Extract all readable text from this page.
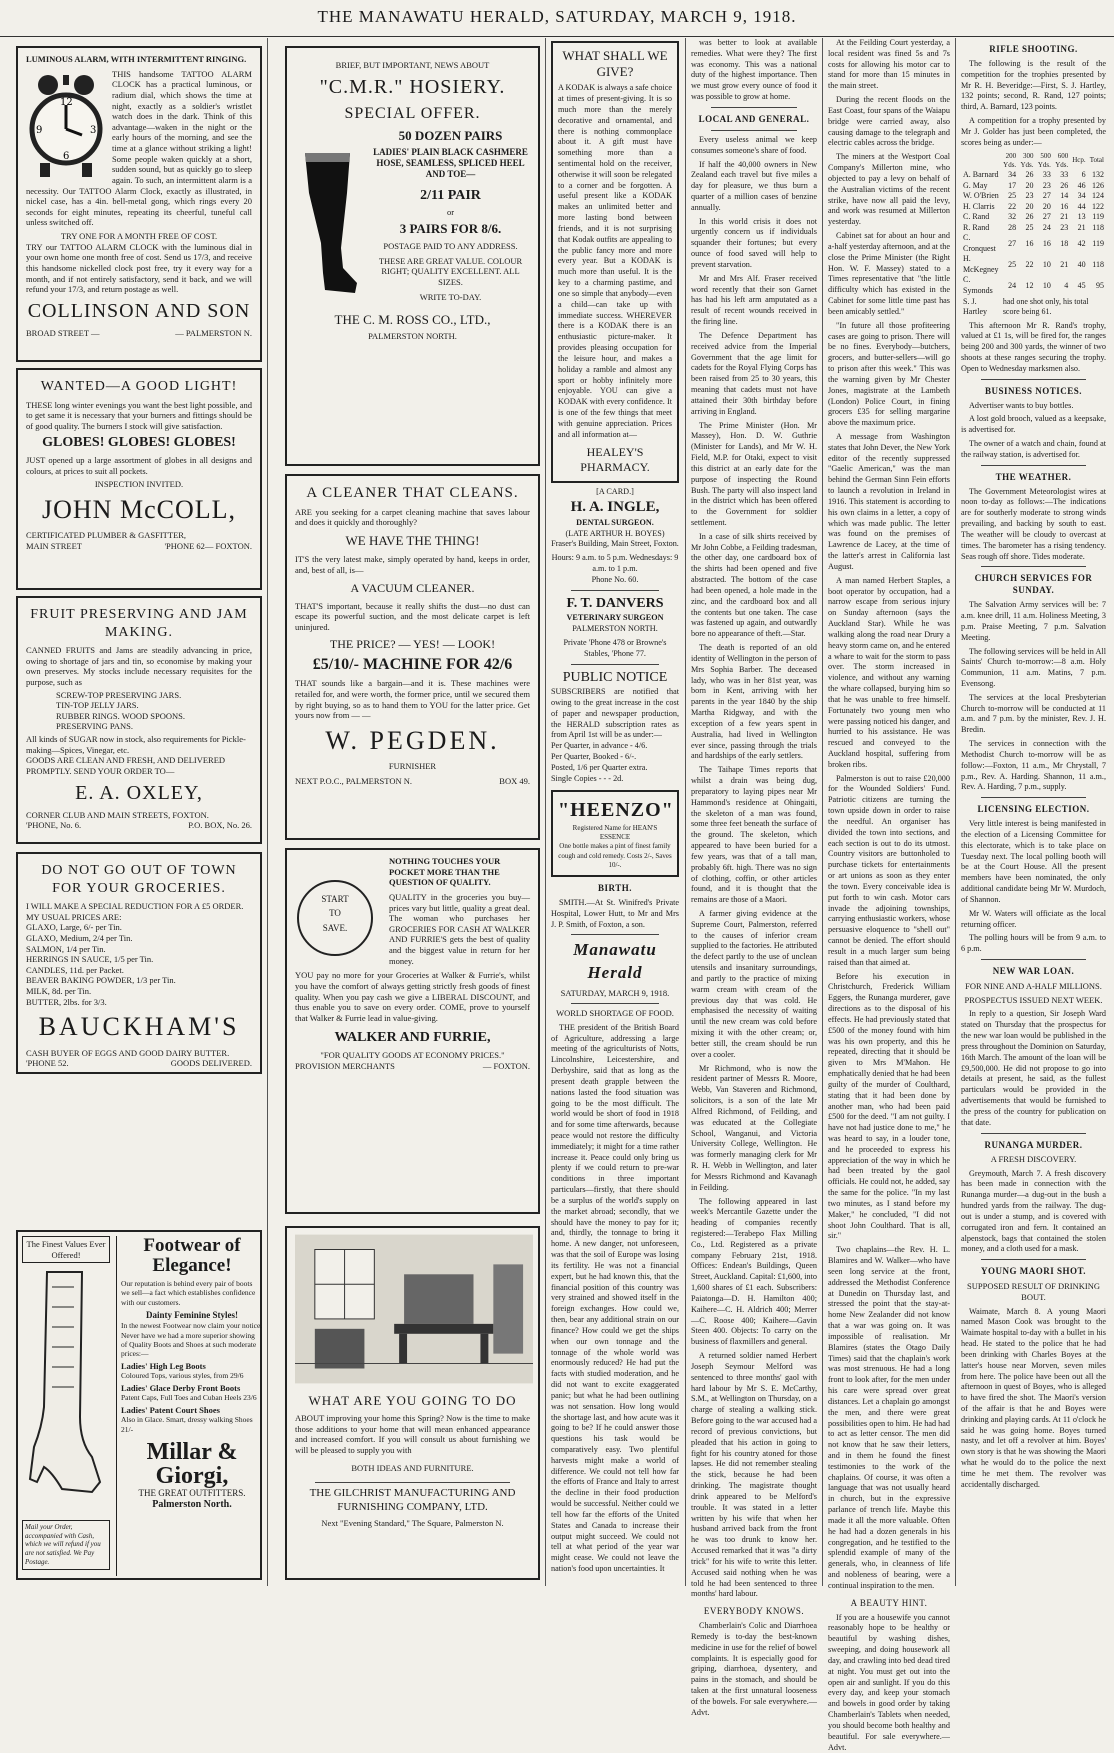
THE MANAWATU HERALD, SATURDAY, MARCH 9, 1918.
LUMINOUS ALARM, WITH INTERMITTENT RINGING.
12
3
6
9
THIS handsome TATTOO ALARM CLOCK has a practical luminous, or radium dial, which shows the time at night, exactly as a soldier's wristlet watch does in the dark. Think of this advantage—waken in the night or the early hours of the morning, and see the time at a glance without striking a light! Some people waken quickly at a short, sudden sound, but as quickly go to sleep again. To such, an intermittent alarm is a necessity. Our TATTOO Alarm Clock, exactly as illustrated, in nickel case, has a 4in. bell-metal gong, which rings every 20 seconds for eight minutes, repeating its cheerful, tuneful call unless switched off.
TRY ONE FOR A MONTH FREE OF COST.
TRY our TATTOO ALARM CLOCK with the luminous dial in your own home one month free of cost. Send us 17/3, and receive this handsome nickelled clock post free, try it every way for a month, and if not entirely satisfactory, send it back, and we will refund your 17/3, and return postage as well.
COLLINSON AND SON
BROAD STREET —	— PALMERSTON N.
WANTED—A GOOD LIGHT!
THESE long winter evenings you want the best light possible, and to get same it is necessary that your burners and fittings should be of good quality. The burners I stock will give satisfaction.
GLOBES! GLOBES! GLOBES!
JUST opened up a large assortment of globes in all designs and colours, at prices to suit all pockets.
INSPECTION INVITED.
JOHN McCOLL,
CERTIFICATED PLUMBER & GASFITTER,
MAIN STREET	'PHONE 62— FOXTON.
FRUIT PRESERVING AND JAM MAKING.
CANNED FRUITS and Jams are steadily advancing in price, owing to shortage of jars and tin, so economise by making your own preserves. My stocks include necessary requisites for the purpose, such as
SCREW-TOP PRESERVING JARS.
TIN-TOP JELLY JARS.
RUBBER RINGS. WOOD SPOONS.
PRESERVING PANS.
All kinds of SUGAR now in stock, also requirements for Pickle-making—Spices, Vinegar, etc.
GOODS ARE CLEAN AND FRESH, AND DELIVERED PROMPTLY. SEND YOUR ORDER TO—
E. A. OXLEY,
CORNER CLUB AND MAIN STREETS, FOXTON.
'PHONE, No. 6.	P.O. BOX, No. 26.
DO NOT GO OUT OF TOWN FOR YOUR GROCERIES.
I WILL MAKE A SPECIAL REDUCTION FOR A £5 ORDER. MY USUAL PRICES ARE:
GLAXO, Large, 6/- per Tin.
GLAXO, Medium, 2/4 per Tin.
SALMON, 1/4 per Tin.
HERRINGS IN SAUCE, 1/5 per Tin.
CANDLES, 11d. per Packet.
BEAVER BAKING POWDER, 1/3 per Tin.
MILK, 8d. per Tin.
BUTTER, 2lbs. for 3/3.
BAUCKHAM'S
CASH BUYER OF EGGS AND GOOD DAIRY BUTTER.
'PHONE 52.	GOODS DELIVERED.
The Finest Values Ever Offered!
Mail your Order, accompanied with Cash, which we will refund if you are not satisfied. We Pay Postage.
Footwear of
Elegance!
Our reputation is behind every pair of boots we sell—a fact which establishes confidence with our customers.
Dainty Feminine Styles!
In the newest Footwear now claim your notice. Never have we had a more superior showing of Quality Boots and Shoes at such moderate prices:—
Ladies' High Leg Boots
Coloured Tops, various styles, from 29/6
Ladies' Glace Derby Front Boots
Patent Caps, Full Toes and Cuban Heels 23/6
Ladies' Patent Court Shoes
Also in Glace. Smart, dressy walking Shoes 21/-
Millar &
Giorgi,
THE GREAT OUTFITTERS.
Palmerston North.
BRIEF, BUT IMPORTANT, NEWS ABOUT
"C.M.R." HOSIERY.
SPECIAL OFFER.
50 DOZEN PAIRS
LADIES' PLAIN BLACK CASHMERE HOSE, SEAMLESS, SPLICED HEEL AND TOE—
2/11 PAIR
or
3 PAIRS FOR 8/6.
POSTAGE PAID TO ANY ADDRESS.
THESE ARE GREAT VALUE. COLOUR RIGHT; QUALITY EXCELLENT. ALL SIZES.
WRITE TO-DAY.
THE C. M. ROSS CO., LTD.,
PALMERSTON NORTH.
A CLEANER THAT CLEANS.
ARE you seeking for a carpet cleaning machine that saves labour and does it quickly and thoroughly?
WE HAVE THE THING!
IT'S the very latest make, simply operated by hand, keeps in order, and, best of all, is—
A VACUUM CLEANER.
THAT'S important, because it really shifts the dust—no dust can escape its powerful suction, and the most delicate carpet is left uninjured.
THE PRICE? — YES! — LOOK!
£5/10/- MACHINE FOR 42/6
THAT sounds like a bargain—and it is. These machines were retailed for, and were worth, the former price, until we secured them by right buying, so as to hand them to YOU for the latter price. Get yours now from — —
W. PEGDEN.
FURNISHER
NEXT P.O.C., PALMERSTON N.	BOX 49.
START
TO
SAVE.
NOTHING TOUCHES YOUR POCKET MORE THAN THE QUESTION OF QUALITY.
QUALITY in the groceries you buy—prices vary but little, quality a great deal. The woman who purchases her GROCERIES FOR CASH AT WALKER AND FURRIE'S gets the best of quality and the biggest value in return for her money.
YOU pay no more for your Groceries at Walker & Furrie's, whilst you have the comfort of always getting strictly fresh goods of finest quality. When you pay cash we give a LIBERAL DISCOUNT, and thus enable you to save on every order. COME, prove to yourself that Walker & Furrie lead in value-giving.
WALKER AND FURRIE,
"FOR QUALITY GOODS AT ECONOMY PRICES."
PROVISION MERCHANTS	— FOXTON.
WHAT ARE YOU GOING TO DO
ABOUT improving your home this Spring? Now is the time to make those additions to your home that will mean enhanced appearance and increased comfort. If you will consult us about furnishing we will be pleased to supply you with
BOTH IDEAS AND FURNITURE.
THE GILCHRIST MANUFACTURING AND FURNISHING COMPANY, LTD.
Next "Evening Standard," The Square, Palmerston N.
WHAT SHALL WE GIVE?
A KODAK is always a safe choice at times of present-giving. It is so much more than the merely decorative and ornamental, and there is nothing commonplace about it. A gift must have something more than a sentimental hold on the receiver, otherwise it will soon be relegated to a corner and be forgotten. A useful present like a KODAK makes an unlimited better and more lasting bond between friends, and it is not surprising that Kodak outfits are appealing to the public fancy more and more every year. But a KODAK is much more than useful. It is the key to a charming pastime, and one so simple that anybody—even a child—can take up with immediate success. WHEREVER there is a KODAK there is an enthusiastic picture-maker. It provides pleasing occupation for the leisure hour, and makes a holiday a ramble and almost any sport or hobby infinitely more enjoyable. YOU can give a KODAK with every confidence. It is one of the few things that meet with genuine appreciation. Prices and all information at—
HEALEY'S PHARMACY.
[A CARD.]
H. A. INGLE,
DENTAL SURGEON.
(LATE ARTHUR H. BOYES)
Fraser's Building, Main Street, Foxton.
Hours: 9 a.m. to 5 p.m. Wednesdays: 9 a.m. to 1 p.m.
Phone No. 60.
F. T. DANVERS
VETERINARY SURGEON
PALMERSTON NORTH.
Private 'Phone 478 or Browne's Stables, 'Phone 77.
PUBLIC NOTICE
SUBSCRIBERS are notified that owing to the great increase in the cost of paper and newspaper production, the HERALD subscription rates as from April 1st will be as under:—
Per Quarter, in advance - 4/6.
Per Quarter, Booked - 6/-.
Posted, 1/6 per Quarter extra.
Single Copies - - - 2d.
"HEENZO"
Registered Name for HEAN'S ESSENCE
One bottle makes a pint of finest family cough and cold remedy. Costs 2/-, Saves 10/-.
BIRTH.

SMITH.—At St. Winifred's Private Hospital, Lower Hutt, to Mr and Mrs J. P. Smith, of Foxton, a son.

Manawatu Herald
SATURDAY, MARCH 9, 1918.
WORLD SHORTAGE OF FOOD.

THE president of the British Board of Agriculture, addressing a large meeting of the agriculturists of Notts, Lincolnshire, Leicestershire, and Derbyshire, said that as long as the present death grapple between the nations lasted the food situation was going to be the most difficult. The world would be short of food in 1918 and for some time afterwards, because peace would not restore the difficulty immediately; it might for a time rather increase it. Peace could only bring us plenty if we could return to pre-war conditions in three important particulars—firstly, that there should be a surplus of the world's supply on the market abroad; secondly, that we should have the money to pay for it; and, thirdly, the tonnage to bring it home. A new danger, not unforeseen, was that the soil of Europe was losing its fertility. He was not a financial expert, but he had known this, that the financial position of this country was very strained and showed itself in the foreign exchanges. How could we, then, bear any additional strain on our finance? How could we get the ships when our own tonnage and the tonnage of the whole world was enormously reduced? He had put the facts with studied moderation, and he did not want to excite exaggerated panic; but what he had been outlining was not sensation. How long would the shortage last, and how acute was it going to be? If he could answer those questions his task would be comparatively easy. Two plentiful harvests might make a world of difference. We could not tell how far the efforts of France and Italy to arrest the decline in their food production would be successful. Neither could we tell how far the efforts of the United States and Canada to increase their output might succeed. We could not tell at what period of the year war might cease. We could not leave the nation's food upon uncertainties. It

was better to look at available remedies. What were they? The first was economy. This was a national duty of the highest importance. Then we must grow every ounce of food it was possible to grow at home.

LOCAL AND GENERAL.

Every useless animal we keep consumes someone's share of food.

If half the 40,000 owners in New Zealand each travel but five miles a day for pleasure, we thus burn a quarter of a million cases of benzine annually.

In this world crisis it does not urgently concern us if individuals squander their fortunes; but every ounce of food saved will help to prevent starvation.

Mr and Mrs Alf. Fraser received word recently that their son Garnet has had his left arm amputated as a result of recent wounds received in the firing line.

The Defence Department has received advice from the Imperial Government that the age limit for cadets for the Royal Flying Corps has been raised from 25 to 30 years, this meaning that cadets must not have attained their 30th birthday before arriving in England.

The Prime Minister (Hon. Mr Massey), Hon. D. W. Guthrie (Minister for Lands), and Mr W. H. Field, M.P. for Otaki, expect to visit this district at an early date for the purpose of inspecting the Round Bush. The party will also inspect land in the district which has been offered to the Government for soldier settlement.

In a case of silk shirts received by Mr John Cobbe, a Feilding tradesman, the other day, one cardboard box of the shirts had been opened and five abstracted. The bottom of the case had been opened, a hole made in the zinc, and the cardboard box and all the contents but one taken. The case was fastened up again, and outwardly bore no appearance of theft.—Star.

The death is reported of an old identity of Wellington in the person of Mrs Sophia Barber. The deceased lady, who was in her 81st year, was born in Kent, arriving with her parents in the year 1840 by the ship Martha Ridgway, and with the exception of a few years spent in Australia, had lived in Wellington ever since, passing through the trials and hardships of the early settlers.

The Taihape Times reports that whilst a drain was being dug, preparatory to laying pipes near Mr Hammond's residence at Ohingaiti, the skeleton of a man was found, some three feet beneath the surface of the ground. The skeleton, which appeared to have been buried for a few years, was that of a tall man, probably 6ft. high. There was no sign of clothing, coffin, or other articles found, and it is thought that the remains are those of a Maori.

A farmer giving evidence at the Supreme Court, Palmerston, referred to the causes of inferior cream supplied to the factories. He attributed the defect partly to the use of unclean utensils and insanitary surroundings, and partly to the practice of mixing warm cream with cream of the previous day that was cold. He emphasised the necessity of waiting until the new cream was cold before mixing it with the other cream; or, better still, the cream should be run over a cooler.

Mr Richmond, who is now the resident partner of Messrs R. Moore, Webb, Van Staveren and Richmond, solicitors, is a son of the late Mr Alfred Richmond, of Feilding, and was educated at the Collegiate School, Wanganui, and Victoria University College, Wellington. He was formerly managing clerk for Mr R. H. Webb in Wellington, and later for Messrs Richmond and Kavanagh in Feilding.

The following appeared in last week's Mercantile Gazette under the heading of companies recently registered:—Terabepo Flax Milling Co., Ltd. Registered as a private company February 21st, 1918. Offices: Endean's Buildings, Queen Street, Auckland. Capital: £1,600, into 1,600 shares of £1 each. Subscribers: Paiatonga—D. H. Hamilton 400; Kaihere—C. H. Aldrich 400; Merrer—C. Roose 400; Kaihere—Gavin Steen 400. Objects: To carry on the business of flaxmillers and general.

A returned soldier named Herbert Joseph Seymour Melford was sentenced to three months' gaol with hard labour by Mr S. E. McCarthy, S.M., at Wellington on Thursday, on a charge of stealing a walking stick. Before going to the war accused had a record of previous convictions, but pleaded that his action in going to fight for his country atoned for those lapses. He did not remember stealing the stick, because he had been drinking. The magistrate thought drink appeared to be Melford's trouble. It was stated in a letter written by his wife that when her husband arrived back from the front he was too drunk to know her. Accused remarked that it was "a dirty trick" for his wife to write this letter. Accused said nothing when he was told he had been sentenced to three months' hard labour.

EVERYBODY KNOWS.

Chamberlain's Colic and Diarrhoea Remedy is to-day the best-known medicine in use for the relief of bowel complaints. It is especially good for griping, diarrhoea, dysentery, and pains in the stomach, and should be taken at the first unnatural looseness of the bowels. For sale everywhere.—Advt.

At the Feilding Court yesterday, a local resident was fined 5s and 7s costs for allowing his motor car to stand for more than 15 minutes in the main street.

During the recent floods on the East Coast, four spans of the Waiapu bridge were carried away, also causing damage to the telegraph and electric cables across the bridge.

The miners at the Westport Coal Company's Millerton mine, who objected to pay a levy on behalf of the Australian victims of the recent strike, have now all paid the levy, and work was resumed at Millerton yesterday.

Cabinet sat for about an hour and a-half yesterday afternoon, and at the close the Prime Minister (the Right Hon. W. F. Massey) stated to a Times representative that "the little difficulty which has existed in the Cabinet for some little time past has been amicably settled."

"In future all those profiteering cases are going to prison. There will be no fines. Everybody—butchers, grocers, and butter-sellers—will go to prison after this week." This was the warning given by Mr Chester Jones, magistrate at the Lambeth (London) Police Court, in fining grocers £35 for selling margarine above the maximum price.

A message from Washington states that John Dever, the New York editor of the recently suppressed "Gaelic American," was the man behind the German Sinn Fein efforts to launch a revolution in Ireland in 1916. This statement is according to his own claims in a letter, a copy of which was made public. The letter was found on the premises of Lawrence de Lacey, at the time of the latter's arrest in California last August.

A man named Herbert Staples, a boot operator by occupation, had a narrow escape from serious injury on Sunday afternoon (says the Auckland Star). While he was walking along the road near Drury a heavy storm came on, and he entered a whare to wait for the storm to pass over. The storm increased in violence, and without any warning the whare collapsed, burying him so that he was unable to free himself. Fortunately two young men who were passing noticed his danger, and hurried to his assistance. He was rescued and conveyed to the Auckland hospital, suffering from broken ribs.

Palmerston is out to raise £20,000 for the Wounded Soldiers' Fund. Patriotic citizens are turning the town upside down in order to raise the needful. An organiser has divided the town into sections, and each section is out to do its utmost. Country visitors are buttonholed to purchase tickets for entertainments or art unions as soon as they enter the town. Every conceivable idea is put forth to win cash. Motor cars invade the adjoining townships, carrying enthusiastic workers, whose persuasive eloquence to "shell out" cannot be denied. The effort should result in a much larger sum being raised than that aimed at.

Before his execution in Christchurch, Frederick William Eggers, the Runanga murderer, gave directions as to the disposal of his effects. He had previously stated that £500 of the money found with him was his own property, and this he repeated, directing that it should be given to Mrs M'Mahon. He emphatically denied that he had been guilty of the murder of Coulthard, stating that it had been done by another man, who had been paid £500 for the deed. "I am not guilty. I have not had justice done to me," he was heard to say, in a louder tone, and he proceeded to express his appreciation of the way in which he had been treated by the gaol officials. He could not, he added, say the same for the police. "In my last two minutes, as I stand before my Maker," he concluded, "I did not shoot John Coulthard. That is all, sir."

Two chaplains—the Rev. H. L. Blamires and W. Walker—who have seen long service at the front, addressed the Methodist Conference at Dunedin on Thursday last, and stressed the point that the stay-at-home New Zealander did not know that a war was going on. It was impossible of realisation. Mr Blamires (states the Otago Daily Times) said that the chaplain's work was most strenuous. He had a long front to look after, for the men under his care were spread over great distances. Let a chaplain go amongst the men, and there were great possibilities open to him. He had had to act as letter censor. The men did not know that he saw their letters, and in them he found the finest testimonies to the work of the chaplains. Of course, it was often a language that was not usually heard in church, but in the expressive parlance of trench life. Maybe this made it all the more valuable. Often he had had a dozen generals in his congregation, and he testified to the splendid example of many of the generals, who, in cleanness of life and nobleness of bearing, were a continual inspiration to the men.

A BEAUTY HINT.

If you are a housewife you cannot reasonably hope to be healthy or beautiful by washing dishes, sweeping, and doing housework all day, and crawling into bed dead tired at night. You must get out into the open air and sunlight. If you do this every day, and keep your stomach and bowels in good order by taking Chamberlain's Tablets when needed, you should become both healthy and beautiful. For sale everywhere.—Advt.

RIFLE SHOOTING.

The following is the result of the competition for the trophies presented by Mr R. H. Beveridge:—First, S. J. Hartley, 132 points; second, R. Rand, 127 points; third, A. Barnard, 123 points.

A competition for a trophy presented by Mr J. Golder has just been completed, the scores being as under:—

	200 Yds.	300 Yds.	500 Yds.	600 Yds.	Hcp.	Total
A. Barnard	34	26	33	33	6	132
G. May	17	20	23	26	46	126
W. O'Brien	25	23	27	14	34	124
H. Clarris	22	20	20	16	44	122
C. Rand	32	26	27	21	13	119
R. Rand	28	25	24	23	21	118
C. Cronquest	27	16	16	18	42	119
H. McKegney	25	22	10	21	40	118
C. Symonds	24	12	10	4	45	95
S. J. Hartley	had one shot only, his total score being 61.					

This afternoon Mr R. Rand's trophy, valued at £1 1s, will be fired for, the ranges being 200 and 300 yards, the winner of two shoots at these ranges securing the trophy. Open to Wednesday marksmen also.

BUSINESS NOTICES.

Advertiser wants to buy bottles.

A lost gold brooch, valued as a keepsake, is advertised for.

The owner of a watch and chain, found at the railway station, is advertised for.

THE WEATHER.

The Government Meteorologist wires at noon to-day as follows:—The indications are for southerly moderate to strong winds prevailing, and backing by south to east. The weather will be cloudy to overcast at times. The barometer has a rising tendency. Seas rough off shore. Tides moderate.

CHURCH SERVICES FOR SUNDAY.

The Salvation Army services will be: 7 a.m. knee drill, 11 a.m. Holiness Meeting, 3 p.m. Praise Meeting, 7 p.m. Salvation Meeting.

The following services will be held in All Saints' Church to-morrow:—8 a.m. Holy Communion, 11 a.m. Matins, 7 p.m. Evensong.

The services at the local Presbyterian Church to-morrow will be conducted at 11 a.m. and 7 p.m. by the minister, Rev. J. H. Bredin.

The services in connection with the Methodist Church to-morrow will be as follow:—Foxton, 11 a.m., Mr Chrystall, 7 p.m., Rev. A. Harding. Shannon, 11 a.m., Rev. A. Harding, 7 p.m., supply.

LICENSING ELECTION.

Very little interest is being manifested in the election of a Licensing Committee for this electorate, which is to take place on Tuesday next. The local polling booth will be at the Court House. All the present members have been nominated, the only additional candidate being Mr W. Murdoch, of Shannon.

Mr W. Waters will officiate as the local returning officer.

The polling hours will be from 9 a.m. to 6 p.m.

NEW WAR LOAN.
FOR NINE AND A-HALF MILLIONS.
PROSPECTUS ISSUED NEXT WEEK.

In reply to a question, Sir Joseph Ward stated on Thursday that the prospectus for the new war loan would be published in the press throughout the Dominion on Saturday, 16th March. The amount of the loan will be £9,500,000. He did not propose to go into details at present, he said, as the fullest particulars would be provided in the advertisements that would be furnished to the press of the country for publication on that date.

RUNANGA MURDER.
A FRESH DISCOVERY.

Greymouth, March 7. A fresh discovery has been made in connection with the Runanga murder—a dug-out in the bush a hundred yards from the railway. The dug-out is under a stump, and is covered with corrugated iron and fern. It contained an alpenstock, bags that contained the stolen money, and a cloth used for a mask.

YOUNG MAORI SHOT.
SUPPOSED RESULT OF DRINKING BOUT.

Waimate, March 8. A young Maori named Mason Cook was brought to the Waimate hospital to-day with a bullet in his head. He stated to the police that he had been drinking with Charles Boyes at the latter's house near Morven, seven miles from here. The police have been out all the afternoon in quest of Boyes, who is alleged to have fired the shot. The Maori's version of the affair is that he and Boyes were drinking and playing cards. At 11 o'clock he said he was going home. Boyes turned nasty, and let off a revolver at him. Boyes' own story is that he was showing the Maori what he would do to the police the next time he met them. The revolver was accidentally discharged.
